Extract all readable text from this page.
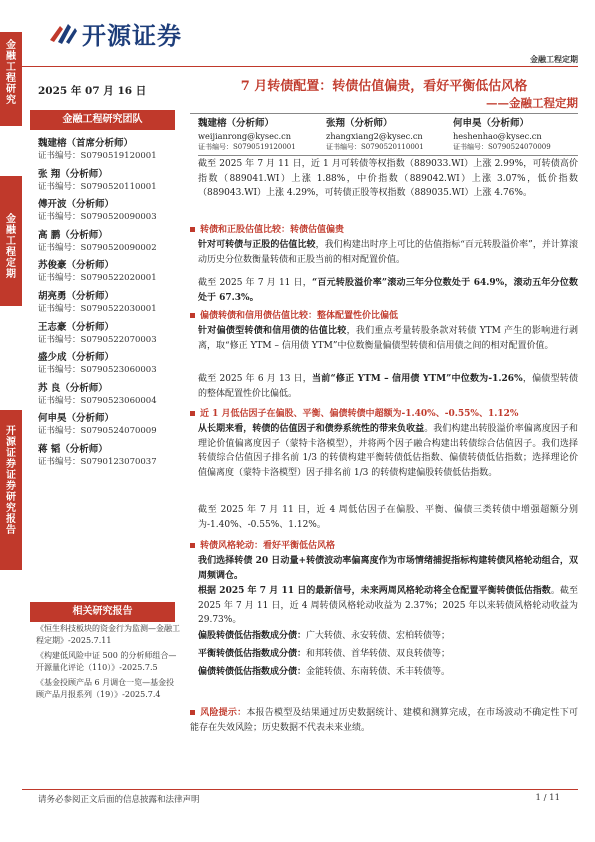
金融工程研究
金融工程定期
开源证券 证券研究报告
开源证券
金融工程定期
2025 年 07 月 16 日
金融工程研究团队
魏建榕（首席分析师）
证书编号：S0790519120001
张 翔（分析师）
证书编号：S0790520110001
傅开波（分析师）
证书编号：S0790520090003
高 鹏（分析师）
证书编号：S0790520090002
苏俊豪（分析师）
证书编号：S0790522020001
胡亮勇（分析师）
证书编号：S0790522030001
王志豪（分析师）
证书编号：S0790522070003
盛少成（分析师）
证书编号：S0790523060003
苏 良（分析师）
证书编号：S0790523060004
何申昊（分析师）
证书编号：S0790524070009
蒋 韬（分析师）
证书编号：S0790123070037
相关研究报告
《恒生科技板块的资金行为监测—金融工程定期》-2025.7.11
《构建低风险中证 500 的分析师组合—开源量化评论（110）》-2025.7.5
《基金投顾产品 6 月调仓一览—基金投顾产品月报系列（19）》-2025.7.4
7 月转债配置：转债估值偏贵，看好平衡低估风格
——金融工程定期
魏建榕（分析师）
weijianrong@kysec.cn
证书编号：S0790519120001
张翔（分析师）
zhangxiang2@kysec.cn
证书编号：S0790520110001
何申昊（分析师）
heshenhao@kysec.cn
证书编号：S0790524070009
截至 2025 年 7 月 11 日，近 1 月可转债等权指数（889033.WI）上涨 2.99%，可转债高价指数（889041.WI）上涨 1.88%，中价指数（889042.WI）上涨 3.07%，低价指数（889043.WI）上涨 4.29%，可转债正股等权指数（889035.WI）上涨 4.76%。
转债和正股估值比较：转债估值偏贵
针对可转债与正股的估值比较，我们构建出时序上可比的估值指标“百元转股溢价率”，并计算滚动历史分位数衡量转债和正股当前的相对配置价值。
截至 2025 年 7 月 11 日，“百元转股溢价率”滚动三年分位数处于 64.9%，滚动五年分位数处于 67.3%。
偏债转债和信用债估值比较：整体配置性价比偏低
针对偏债型转债和信用债的估值比较，我们重点考量转股条款对转债 YTM 产生的影响进行剥离，取“修正 YTM – 信用债 YTM”中位数衡量偏债型转债和信用债之间的相对配置价值。
截至 2025 年 6 月 13 日，当前“修正 YTM – 信用债 YTM”中位数为-1.26%，偏债型转债的整体配置性价比偏低。
近 1 月低估因子在偏股、平衡、偏债转债中超额为-1.40%、-0.55%、1.12%
从长期来看，转债的估值因子和债券系统性的带来负收益。我们构建出转股溢价率偏离度因子和理论价值偏离度因子（蒙特卡洛模型），并将两个因子融合构建出转债综合估值因子。我们选择转债综合估值因子排名前 1/3 的转债构建平衡转债低估指数、偏债转债低估指数；选择理论价值偏离度（蒙特卡洛模型）因子排名前 1/3 的转债构建偏股转债低估指数。
截至 2025 年 7 月 11 日，近 4 周低估因子在偏股、平衡、偏债三类转债中增强超额分别为-1.40%、-0.55%、1.12%。
转债风格轮动：看好平衡低估风格
我们选择转债 20 日动量+转债波动率偏离度作为市场情绪捕捉指标构建转债风格轮动组合，双周频调仓。
根据 2025 年 7 月 11 日的最新信号，未来两周风格轮动将全仓配置平衡转债低估指数。截至 2025 年 7 月 11 日，近 4 周转债风格轮动收益为 2.37%；2025 年以来转债风格轮动收益为 29.73%。
偏股转债低估指数成分债：广大转债、永安转债、宏柏转债等；
平衡转债低估指数成分债：和邦转债、首华转债、双良转债等；
偏债转债低估指数成分债：金能转债、东南转债、禾丰转债等。
风险提示：本报告模型及结果通过历史数据统计、建模和测算完成，在市场波动不确定性下可能存在失效风险；历史数据不代表未来业绩。
请务必参阅正文后面的信息披露和法律声明	1 / 11
